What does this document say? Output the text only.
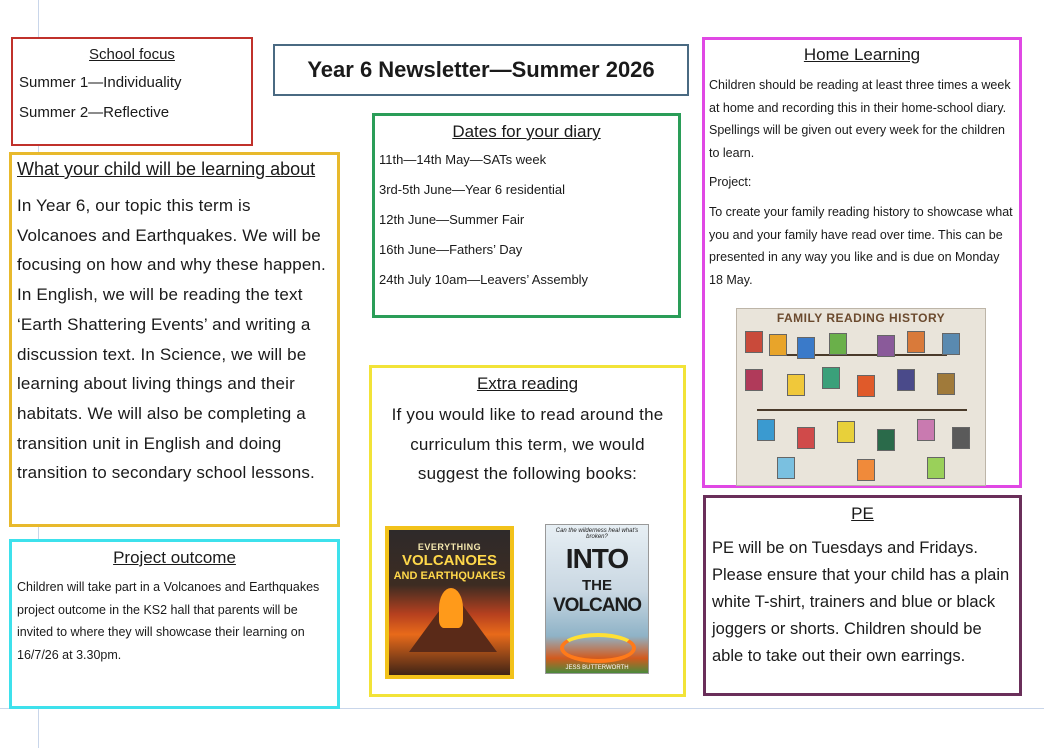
School focus

Summer 1—Individuality

Summer 2—Reflective

Year 6 Newsletter—Summer 2026
What your child will be learning about

In Year 6, our topic this term is Volcanoes and Earthquakes. We will be focusing on how and why these happen. In English, we will be reading the text ‘Earth Shattering Events’ and writing a discussion text. In Science, we will be learning about living things and their habitats. We will also be completing a transition unit in English and doing transition to secondary school lessons.

Dates for your diary
11th—14th May—SATs week
3rd-5th June—Year 6 residential
12th June—Summer Fair
16th June—Fathers’ Day
24th July 10am—Leavers’ Assembly
Extra reading

If you would like to read around the curriculum this term, we would suggest the following books:

EVERYTHING
VOLCANOES
AND EARTHQUAKES
Can the wilderness heal what's broken?
INTO
THE
VOLCANO
JESS BUTTERWORTH
Project outcome

Children will take part in a Volcanoes and Earthquakes project outcome in the KS2 hall that parents will be invited to where they will showcase their learning on 16/7/26 at 3.30pm.

Home Learning

Children should be reading at least three times a week at home and recording this in their home-school diary. Spellings will be given out every week for the children to learn.

Project:

To create your family reading history to showcase what you and your family have read over time. This can be presented in any way you like and is due on Monday 18 May.

FAMILY READING HISTORY
PE

PE will be on Tuesdays and Fridays. Please ensure that your child has a plain white T-shirt, trainers and blue or black joggers or shorts. Children should be able to take out their own earrings.
